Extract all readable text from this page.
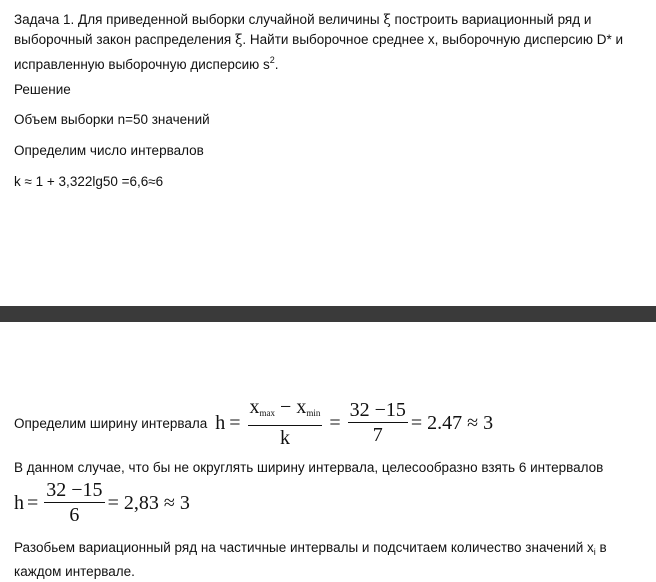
Задача 1. Для приведенной выборки случайной величины ξ построить вариационный ряд и
выборочный закон распределения ξ. Найти выборочное среднее x, выборочную дисперсию D* и
исправленную выборочную дисперсию $s^2$.
Решение
Объем выборки n=50 значений
Определим число интервалов
k ≈ 1 + 3,322lg50 =6,6≈6
Определим ширину интервала $h = \frac{x_{max} - x_{min}}{k} = \frac{32 -15}{7} = 2.47 \approx 3$
В данном случае, что бы не округлять ширину интервала, целесообразно взять 6 интервалов
$h = \frac{32 -15}{6} = 2,83 \approx 3$
Разобьем вариационный ряд на частичные интервалы и подсчитаем количество значений $x_i$ в
каждом интервале.
